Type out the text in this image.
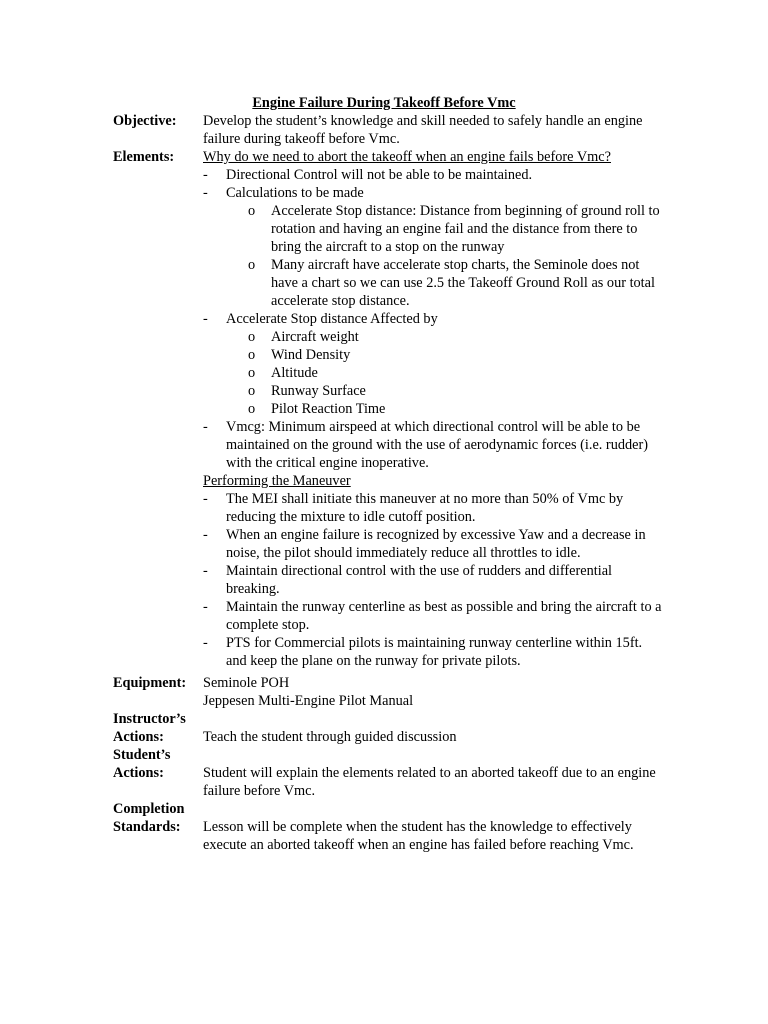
Engine Failure During Takeoff Before Vmc
Objective:	Develop the student’s knowledge and skill needed to safely handle an engine failure during takeoff before Vmc.
Elements:	Why do we need to abort the takeoff when an engine fails before Vmc?

-	Directional Control will not be able to be maintained.
-	Calculations to be made
o	Accelerate Stop distance: Distance from beginning of ground roll to rotation and having an engine fail and the distance from there to bring the aircraft to a stop on the runway
o	Many aircraft have accelerate stop charts, the Seminole does not have a chart so we can use 2.5 the Takeoff Ground Roll as our total accelerate stop distance.
-	Accelerate Stop distance Affected by
o	Aircraft weight
o	Wind Density
o	Altitude
o	Runway Surface
o	Pilot Reaction Time
-	Vmcg: Minimum airspeed at which directional control will be able to be maintained on the ground with the use of aerodynamic forces (i.e. rudder) with the critical engine inoperative.

Performing the Maneuver

-	The MEI shall initiate this maneuver at no more than 50% of Vmc by reducing the mixture to idle cutoff position.
-	When an engine failure is recognized by excessive Yaw and a decrease in noise, the pilot should immediately reduce all throttles to idle.
-	Maintain directional control with the use of rudders and differential breaking.
-	Maintain the runway centerline as best as possible and bring the aircraft to a complete stop.
-	PTS for Commercial pilots is maintaining runway centerline within 15ft. and keep the plane on the runway for private pilots.
Equipment:	Seminole POH

Jeppesen Multi-Engine Pilot Manual

Instructor’s

Actions:	Teach the student through guided discussion

Student’s

Actions:	Student will explain the elements related to an aborted takeoff due to an engine failure before Vmc.

Completion

Standards:	Lesson will be complete when the student has the knowledge to effectively execute an aborted takeoff when an engine has failed before reaching Vmc.
